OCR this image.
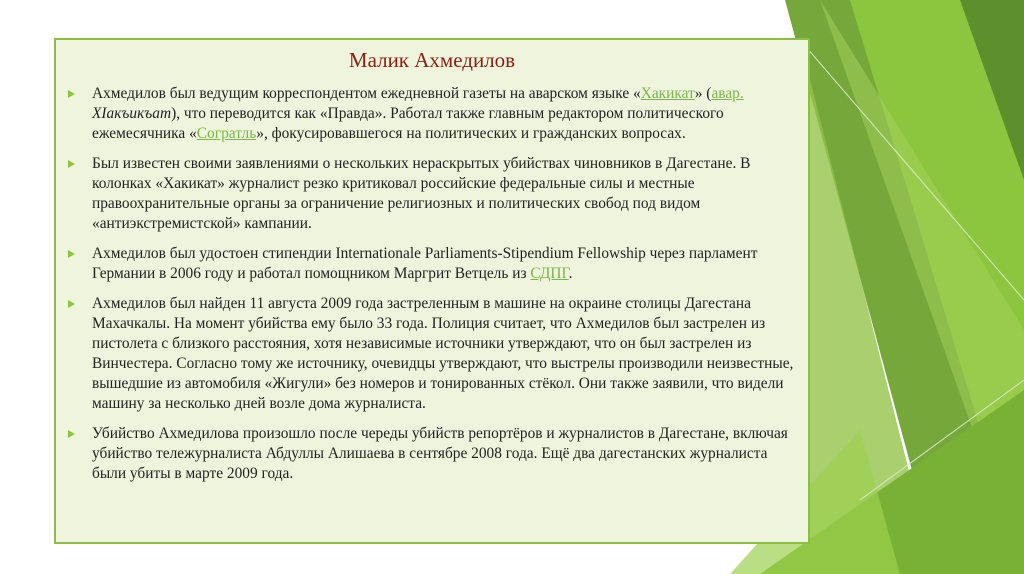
Малик Ахмедилов
Ахмедилов был ведущим корреспондентом ежедневной газеты на аварском языке «Хакикат» (авар. ХIакъикъат), что переводится как «Правда». Работал также главным редактором политического ежемесячника «Согратль», фокусировавшегося на политических и гражданских вопросах.
Был известен своими заявлениями о нескольких нераскрытых убийствах чиновников в Дагестане. В колонках «Хакикат» журналист резко критиковал российские федеральные силы и местные правоохранительные органы за ограничение религиозных и политических свобод под видом «антиэкстремистской» кампании.
Ахмедилов был удостоен стипендии Internationale Parliaments-Stipendium Fellowship через парламент Германии в 2006 году и работал помощником Маргрит Ветцель из СДПГ.
Ахмедилов был найден 11 августа 2009 года застреленным в машине на окраине столицы Дагестана Махачкалы. На момент убийства ему было 33 года. Полиция считает, что Ахмедилов был застрелен из пистолета с близкого расстояния, хотя независимые источники утверждают, что он был застрелен из Винчестера. Согласно тому же источнику, очевидцы утверждают, что выстрелы производили неизвестные, вышедшие из автомобиля «Жигули» без номеров и тонированных стёкол. Они также заявили, что видели машину за несколько дней возле дома журналиста.
Убийство Ахмедилова произошло после череды убийств репортёров и журналистов в Дагестане, включая убийство тележурналиста Абдуллы Алишаева в сентябре 2008 года. Ещё два дагестанских журналиста были убиты в марте 2009 года.
